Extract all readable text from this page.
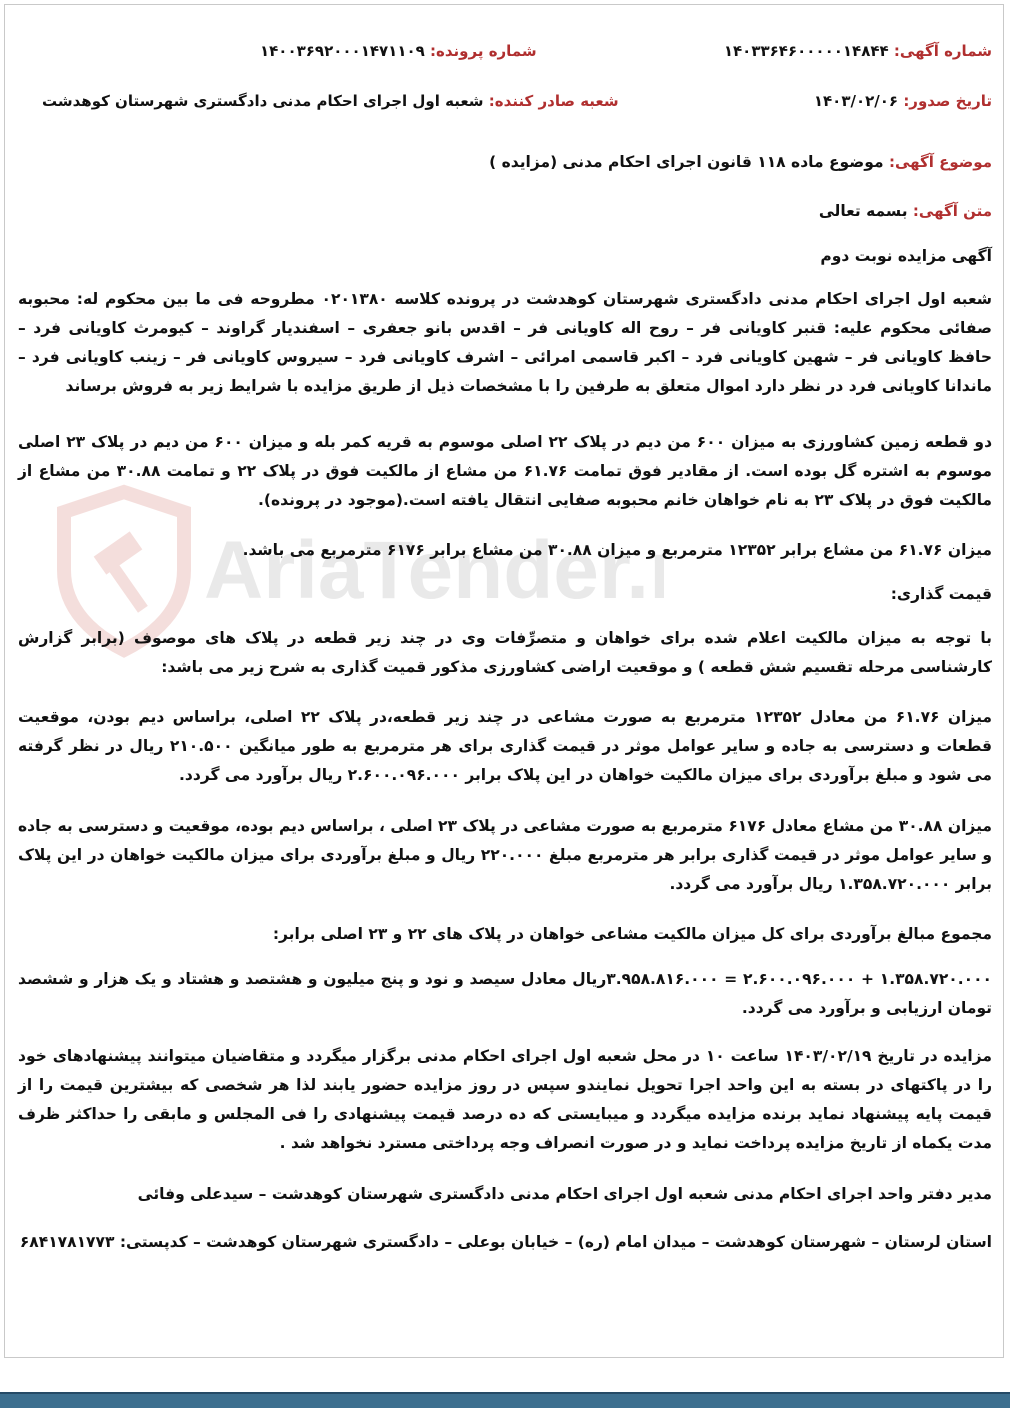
شماره آگهی: ۱۴۰۳۳۶۴۶۰۰۰۰۰۱۴۸۴۴
شماره پرونده: ۱۴۰۰۳۶۹۲۰۰۰۱۴۷۱۱۰۹
تاریخ صدور: ۱۴۰۳/۰۲/۰۶
شعبه صادر کننده: شعبه اول اجرای احکام مدنی دادگستری شهرستان کوهدشت
موضوع آگهی: موضوع ماده ۱۱۸ قانون اجرای احکام مدنی (مزایده )
متن آگهی: بسمه تعالی
آگهی مزایده نوبت دوم
شعبه اول اجرای احکام مدنی دادگستری شهرستان کوهدشت در پرونده کلاسه ۰۲۰۱۳۸۰ مطروحه فی ما بین محکوم له: محبوبه صفائی محکوم علیه: قنبر کاویانی فر – روح اله کاویانی فر – اقدس بانو جعفری – اسفندیار گراوند – کیومرث کاویانی فرد – حافظ کاویانی فر – شهین کاویانی فرد – اکبر قاسمی امرائی – اشرف کاویانی فرد – سیروس کاویانی فر – زینب کاویانی فرد – ماندانا کاویانی فرد در نظر دارد اموال متعلق به طرفین را با مشخصات ذیل از طریق مزایده با شرایط زیر به فروش برساند
دو قطعه زمین کشاورزی به میزان ۶۰۰ من دیم در پلاک ۲۲ اصلی موسوم به قریه کمر بله و میزان ۶۰۰ من دیم در پلاک ۲۳ اصلی موسوم به اشتره گل بوده است. از مقادیر فوق تمامت ۶۱.۷۶ من مشاع از مالکیت فوق در پلاک ۲۲ و تمامت ۳۰.۸۸ من مشاع از مالکیت فوق در پلاک ۲۳ به نام خواهان خانم محبوبه صفایی انتقال یافته است.(موجود در پرونده).
میزان ۶۱.۷۶ من مشاع برابر ۱۲۳۵۲ مترمربع و میزان ۳۰.۸۸ من مشاع برابر ۶۱۷۶ مترمربع می باشد.
قیمت گذاری:
با توجه به میزان مالکیت اعلام شده برای خواهان و متصرِّفات وی در چند زیر قطعه در پلاک های موصوف (برابر گزارش کارشناسی مرحله تقسیم شش قطعه ) و موقعیت اراضی کشاورزی مذکور قمیت گذاری به شرح زیر می باشد:
میزان ۶۱.۷۶ من معادل ۱۲۳۵۲ مترمربع به صورت مشاعی در چند زیر قطعه،در پلاک ۲۲ اصلی، براساس دیم بودن، موقعیت قطعات و دسترسی به جاده و سایر عوامل موثر در قیمت گذاری برای هر مترمربع به طور میانگین ۲۱۰.۵۰۰ ریال در نظر گرفته می شود و مبلغ برآوردی برای میزان مالکیت خواهان در این پلاک برابر ۲.۶۰۰.۰۹۶.۰۰۰ ریال برآورد می گردد.
میزان ۳۰.۸۸ من مشاع معادل ۶۱۷۶ مترمربع به صورت مشاعی در پلاک ۲۳ اصلی ، براساس دیم بوده، موقعیت و دسترسی به جاده و سایر عوامل موثر در قیمت گذاری برابر هر مترمربع مبلغ ۲۲۰.۰۰۰ ریال و مبلغ برآوردی برای میزان مالکیت خواهان در این پلاک برابر ۱.۳۵۸.۷۲۰.۰۰۰ ریال برآورد می گردد.
مجموع مبالغ برآوردی برای کل میزان مالکیت مشاعی خواهان در پلاک های ۲۲ و ۲۳ اصلی برابر:
۱.۳۵۸.۷۲۰.۰۰۰ + ۲.۶۰۰.۰۹۶.۰۰۰ = ۳.۹۵۸.۸۱۶.۰۰۰ریال معادل سیصد و نود و پنج میلیون و هشتصد و هشتاد و یک هزار و ششصد تومان ارزیابی و برآورد می گردد.
مزایده در تاریخ ۱۴۰۳/۰۲/۱۹ ساعت ۱۰ در محل شعبه اول اجرای احکام مدنی برگزار میگردد و متقاضیان میتوانند پیشنهادهای خود را در پاکتهای در بسته به این واحد اجرا تحویل نمایندو سپس در روز مزایده حضور یابند لذا هر شخصی که بیشترین قیمت را از قیمت پایه پیشنهاد نماید برنده مزایده میگردد و میبایستی که ده درصد قیمت پیشنهادی را فی المجلس و مابقی را حداکثر ظرف مدت یکماه از تاریخ مزایده پرداخت نماید و در صورت انصراف وجه پرداختی مسترد نخواهد شد .
مدیر دفتر واحد اجرای احکام مدنی شعبه اول اجرای احکام مدنی دادگستری شهرستان کوهدشت – سیدعلی وفائی
استان لرستان – شهرستان کوهدشت – میدان امام (ره) – خیابان بوعلی – دادگستری شهرستان کوهدشت – کدپستی: ۶۸۴۱۷۸۱۷۷۳
